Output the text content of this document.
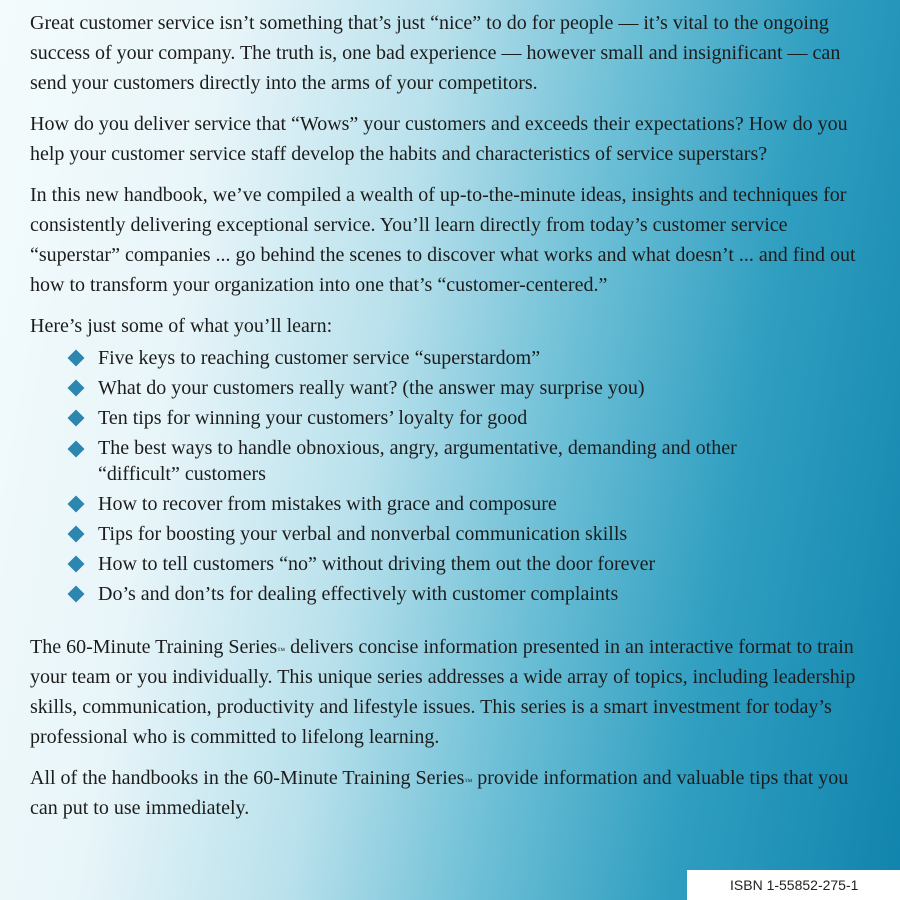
Great customer service isn’t something that’s just “nice” to do for people — it’s vital to the ongoing success of your company. The truth is, one bad experience — however small and insignificant — can send your customers directly into the arms of your competitors.

How do you deliver service that “Wows” your customers and exceeds their expectations? How do you help your customer service staff develop the habits and characteristics of service superstars?

In this new handbook, we’ve compiled a wealth of up-to-the-minute ideas, insights and techniques for consistently delivering exceptional service. You’ll learn directly from today’s customer service “superstar” companies ... go behind the scenes to discover what works and what doesn’t ... and find out how to transform your organization into one that’s “customer-centered.”

Here’s just some of what you’ll learn:

Five keys to reaching customer service “superstardom”
What do your customers really want? (the answer may surprise you)
Ten tips for winning your customers’ loyalty for good
The best ways to handle obnoxious, angry, argumentative, demanding and other “difficult” customers
How to recover from mistakes with grace and composure
Tips for boosting your verbal and nonverbal communication skills
How to tell customers “no” without driving them out the door forever
Do’s and don’ts for dealing effectively with customer complaints

The 60-Minute Training Series™ delivers concise information presented in an interactive format to train your team or you individually. This unique series addresses a wide array of topics, including leadership skills, communication, productivity and lifestyle issues. This series is a smart investment for today’s professional who is committed to lifelong learning.

All of the handbooks in the 60-Minute Training Series™ provide information and valuable tips that you can put to use immediately.

ISBN 1-55852-275-1
